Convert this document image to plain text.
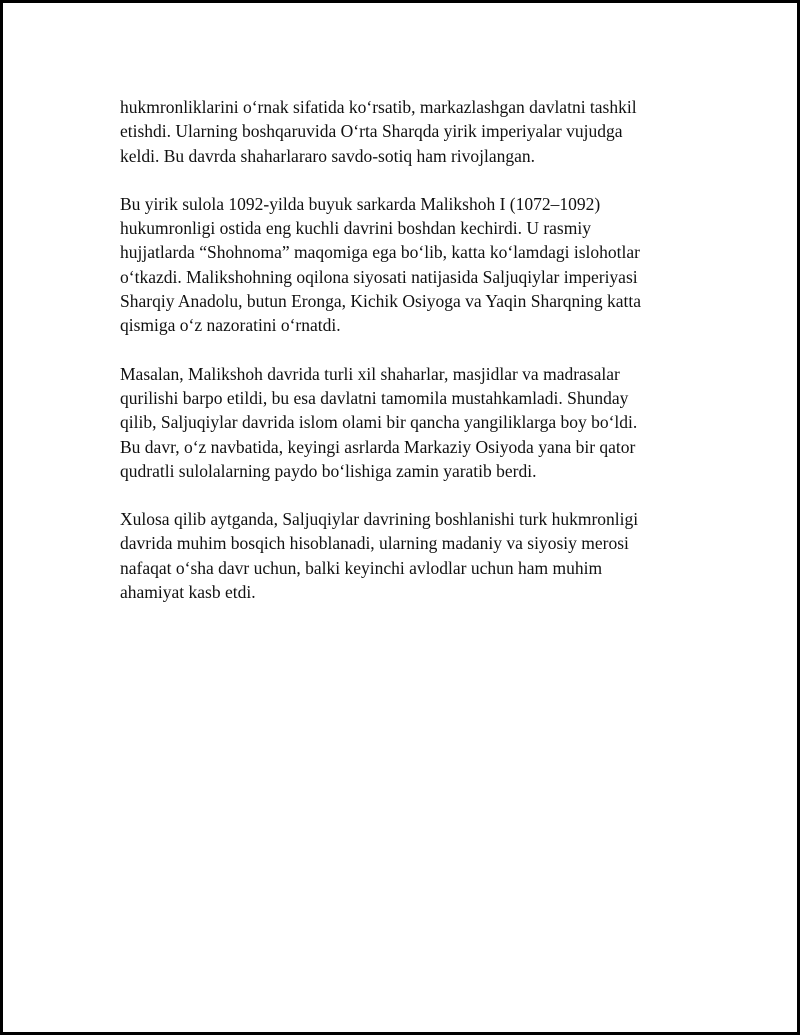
hukmronliklarini o‘rnak sifatida ko‘rsatib, markazlashgan davlatni tashkil
etishdi. Ularning boshqaruvida O‘rta Sharqda yirik imperiyalar vujudga
keldi. Bu davrda shaharlararo savdo-sotiq ham rivojlangan.

Bu yirik sulola 1092-yilda buyuk sarkarda Malikshoh I (1072–1092)
hukumronligi ostida eng kuchli davrini boshdan kechirdi. U rasmiy
hujjatlarda “Shohnoma” maqomiga ega bo‘lib, katta ko‘lamdagi islohotlar
o‘tkazdi. Malikshohning oqilona siyosati natijasida Saljuqiylar imperiyasi
Sharqiy Anadolu, butun Eronga, Kichik Osiyoga va Yaqin Sharqning katta
qismiga o‘z nazoratini o‘rnatdi.

Masalan, Malikshoh davrida turli xil shaharlar, masjidlar va madrasalar
qurilishi barpo etildi, bu esa davlatni tamomila mustahkamladi. Shunday
qilib, Saljuqiylar davrida islom olami bir qancha yangiliklarga boy bo‘ldi.
Bu davr, o‘z navbatida, keyingi asrlarda Markaziy Osiyoda yana bir qator
qudratli sulolalarning paydo bo‘lishiga zamin yaratib berdi.

Xulosa qilib aytganda, Saljuqiylar davrining boshlanishi turk hukmronligi
davrida muhim bosqich hisoblanadi, ularning madaniy va siyosiy merosi
nafaqat o‘sha davr uchun, balki keyinchi avlodlar uchun ham muhim
ahamiyat kasb etdi.
